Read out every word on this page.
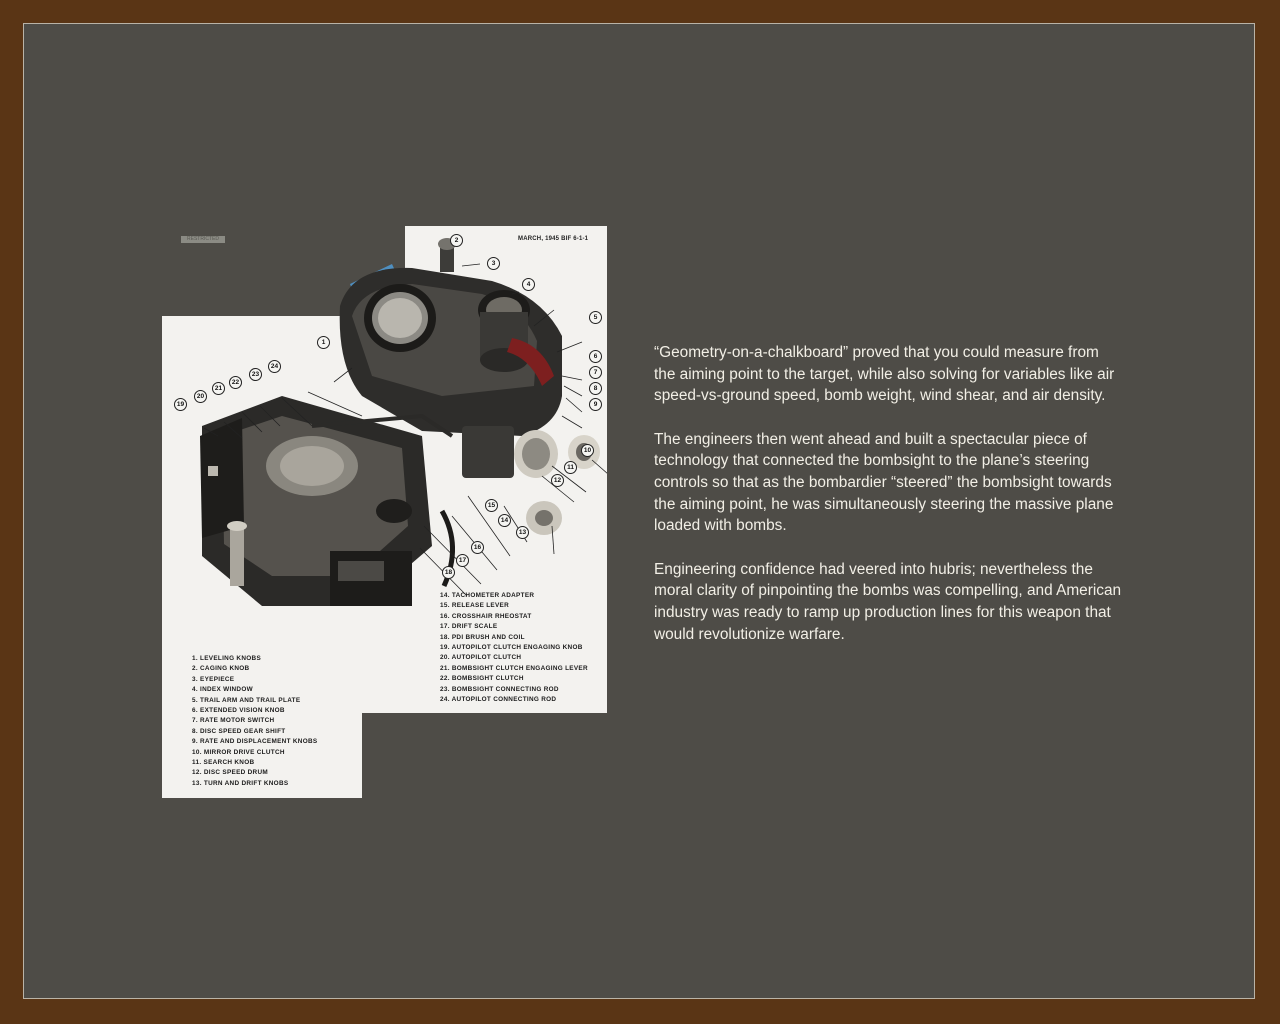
RESTRICTED	MARCH, 1945 BIF 6-1-1
1
2
3
4
5
6
7
8
9
10
11
12
13
14
15
16
17
18
19
20
21
22
23
24
14. TACHOMETER ADAPTER
15. RELEASE LEVER
16. CROSSHAIR RHEOSTAT
17. DRIFT SCALE
18. PDI BRUSH AND COIL
19. AUTOPILOT CLUTCH ENGAGING KNOB
20. AUTOPILOT CLUTCH
21. BOMBSIGHT CLUTCH ENGAGING LEVER
22. BOMBSIGHT CLUTCH
23. BOMBSIGHT CONNECTING ROD
24. AUTOPILOT CONNECTING ROD
1. LEVELING KNOBS
2. CAGING KNOB
3. EYEPIECE
4. INDEX WINDOW
5. TRAIL ARM AND TRAIL PLATE
6. EXTENDED VISION KNOB
7. RATE MOTOR SWITCH
8. DISC SPEED GEAR SHIFT
9. RATE AND DISPLACEMENT KNOBS
10. MIRROR DRIVE CLUTCH
11. SEARCH KNOB
12. DISC SPEED DRUM
13. TURN AND DRIFT KNOBS

“Geometry-on-a-chalkboard” proved that you could measure from the aiming point to the target, while also solving for variables like air speed-vs-ground speed, bomb weight, wind shear, and air density.

The engineers then went ahead and built a spectacular piece of technology that connected the bombsight to the plane’s steering controls so that as the bombardier “steered” the bombsight towards the aiming point, he was simultaneously steering the massive plane loaded with bombs.

Engineering confidence had veered into hubris; nevertheless the moral clarity of pinpointing the bombs was compelling, and American industry was ready to ramp up production lines for this weapon that would revolutionize warfare.
